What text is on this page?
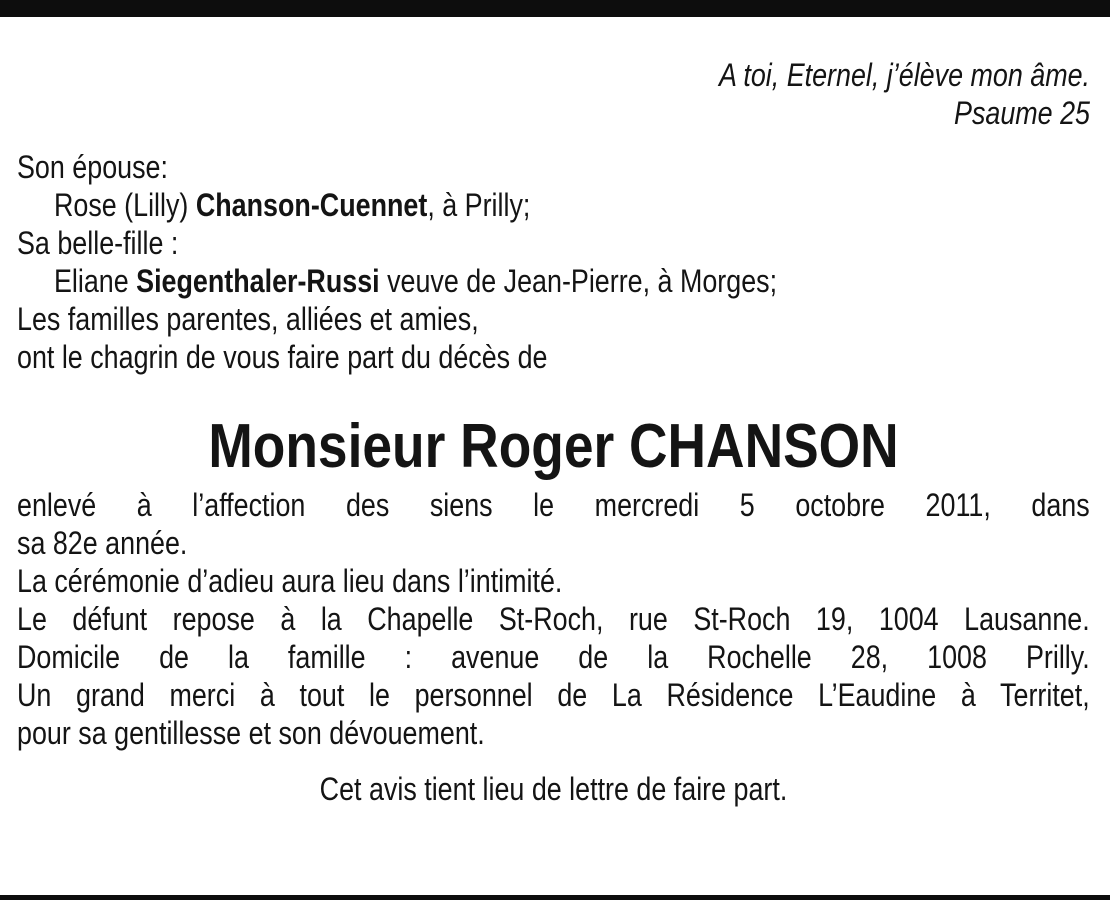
A toi, Eternel, j’élève mon âme.
Psaume 25
Son épouse:
Rose (Lilly) Chanson-Cuennet, à Prilly;
Sa belle-fille :
Eliane Siegenthaler-Russi veuve de Jean-Pierre, à Morges;
Les familles parentes, alliées et amies,
ont le chagrin de vous faire part du décès de
Monsieur Roger CHANSON
enlevé à l’affection des siens le mercredi 5 octobre 2011, dans
sa 82e année.
La cérémonie d’adieu aura lieu dans l’intimité.
Le défunt repose à la Chapelle St-Roch, rue St-Roch 19, 1004 Lausanne.
Domicile de la famille : avenue de la Rochelle 28, 1008 Prilly.
Un grand merci à tout le personnel de La Résidence L’Eaudine à Territet,
pour sa gentillesse et son dévouement.
Cet avis tient lieu de lettre de faire part.
